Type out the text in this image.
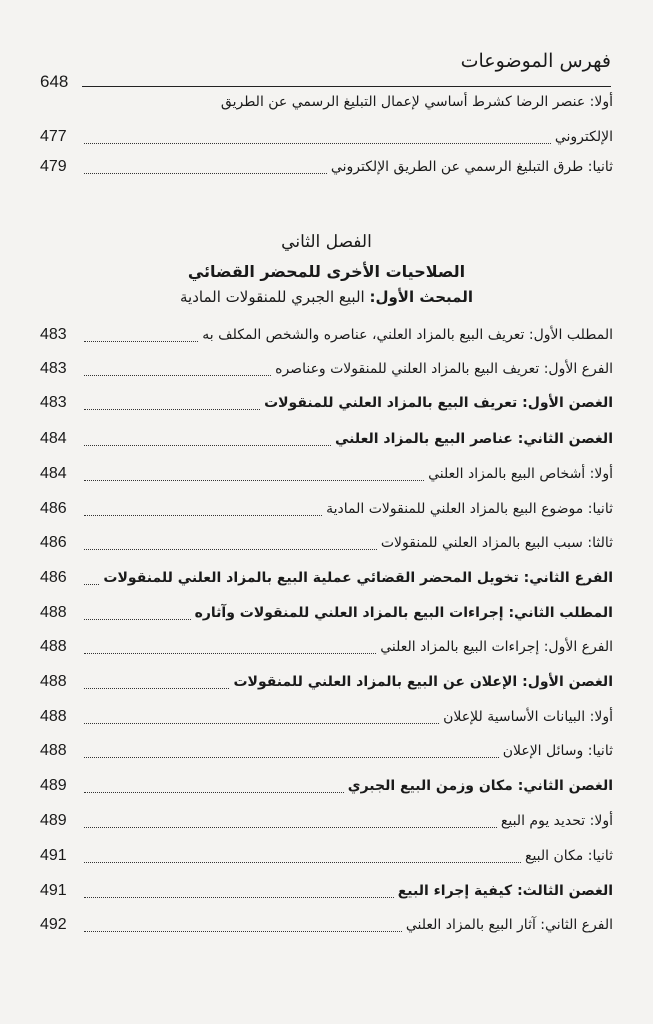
فهرس الموضوعات
648
أولا: عنصر الرضا كشرط أساسي لإعمال التبليغ الرسمي عن الطريق
الإلكتروني
477
ثانيا: طرق التبليغ الرسمي عن الطريق الإلكتروني
479
الفصل الثاني
الصلاحيات الأخرى للمحضر القضائي
المبحث الأول: البيع الجبري للمنقولات المادية
المطلب الأول: تعريف البيع بالمزاد العلني، عناصره والشخص المكلف به
483
الفرع الأول: تعريف البيع بالمزاد العلني للمنقولات وعناصره
483
الغصن الأول: تعريف البيع بالمزاد العلني للمنقولات
483
الغصن الثاني: عناصر البيع بالمزاد العلني
484
أولا: أشخاص البيع بالمزاد العلني
484
ثانيا: موضوع البيع بالمزاد العلني للمنقولات المادية
486
ثالثا: سبب البيع بالمزاد العلني للمنقولات
486
الفرع الثاني: تخويل المحضر القضائي عملية البيع بالمزاد العلني للمنقولات
486
المطلب الثاني: إجراءات البيع بالمزاد العلني للمنقولات وآثاره
488
الفرع الأول: إجراءات البيع بالمزاد العلني
488
الغصن الأول: الإعلان عن البيع بالمزاد العلني للمنقولات
488
أولا: البيانات الأساسية للإعلان
488
ثانيا: وسائل الإعلان
488
الغصن الثاني: مكان وزمن البيع الجبري
489
أولا: تحديد يوم البيع
489
ثانيا: مكان البيع
491
الغصن الثالث: كيفية إجراء البيع
491
الفرع الثاني: آثار البيع بالمزاد العلني
492
